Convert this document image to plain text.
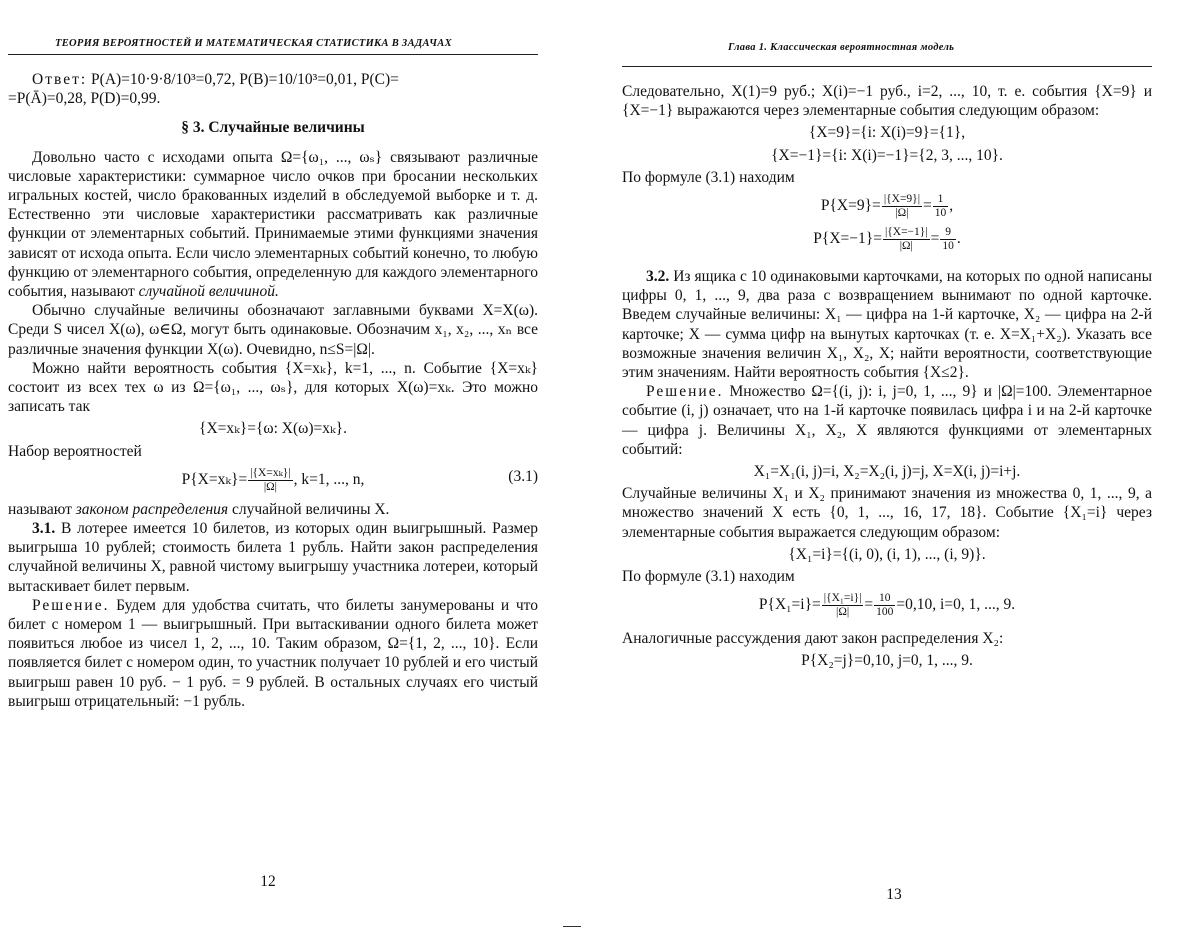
ТЕОРИЯ ВЕРОЯТНОСТЕЙ И МАТЕМАТИЧЕСКАЯ СТАТИСТИКА В ЗАДАЧАХ

Ответ: P(A)=10·9·8/10³=0,72, P(B)=10/10³=0,01, P(C)=

=P(Ā)=0,28, P(D)=0,99.

§ 3. Случайные величины

Довольно часто с исходами опыта Ω={ω₁, ..., ωₛ} связывают различные числовые характеристики: суммарное число очков при бросании нескольких игральных костей, число бракованных изделий в обследуемой выборке и т. д. Естественно эти числовые характеристики рассматривать как различные функции от элементарных событий. Принимаемые этими функциями значения зависят от исхода опыта. Если число элементарных событий конечно, то любую функцию от элементарного события, определенную для каждого элементарного события, называют случайной величиной.

Обычно случайные величины обозначают заглавными буквами X=X(ω). Среди S чисел X(ω), ω∈Ω, могут быть одинаковые. Обозначим x₁, x₂, ..., xₙ все различные значения функции X(ω). Очевидно, n≤S=|Ω|.

Можно найти вероятность события {X=xₖ}, k=1, ..., n. Событие {X=xₖ} состоит из всех тех ω из Ω={ω₁, ..., ωₛ}, для которых X(ω)=xₖ. Это можно записать так

{X=xₖ}={ω: X(ω)=xₖ}.

Набор вероятностей

$P\{X=x_k\}= \frac{\text{|\{X=xₖ\}|}}{|\Omega|}$ , k=1, ..., n,	(3.1)

называют законом распределения случайной величины X.

3.1. В лотерее имеется 10 билетов, из которых один выигрышный. Размер выигрыша 10 рублей; стоимость билета 1 рубль. Найти закон распределения случайной величины X, равной чистому выигрышу участника лотереи, который вытаскивает билет первым.

Решение. Будем для удобства считать, что билеты занумерованы и что билет с номером 1 — выигрышный. При вытаскивании одного билета может появиться любое из чисел 1, 2, ..., 10. Таким образом, Ω={1, 2, ..., 10}. Если появляется билет с номером один, то участник получает 10 рублей и его чистый выигрыш равен 10 руб. − 1 руб. = 9 рублей. В остальных случаях его чистый выигрыш отрицательный: −1 рубль.

12
Глава 1. Классическая вероятностная модель

Следовательно, X(1)=9 руб.; X(i)=−1 руб., i=2, ..., 10, т. е. события {X=9} и {X=−1} выражаются через элементарные события следующим образом:

{X=9}={i: X(i)=9}={1},
{X=−1}={i: X(i)=−1}={2, 3, ..., 10}.

По формуле (3.1) находим

$P\{X=9\}= \frac{|\{X=9\}|}{|\Omega|} = \frac{1}{10}$ ,
$P\{X=-1\}= \frac{|\{X=-1\}|}{|\Omega|} = \frac{9}{10}$ .

3.2. Из ящика с 10 одинаковыми карточками, на которых по одной написаны цифры 0, 1, ..., 9, два раза с возвращением вынимают по одной карточке. Введем случайные величины: X₁ — цифра на 1-й карточке, X₂ — цифра на 2-й карточке; X — сумма цифр на вынутых карточках (т. е. X=X₁+X₂). Указать все возможные значения величин X₁, X₂, X; найти вероятности, соответствующие этим значениям. Найти вероятность события {X≤2}.

Решение. Множество Ω={(i, j): i, j=0, 1, ..., 9} и |Ω|=100. Элементарное событие (i, j) означает, что на 1-й карточке появилась цифра i и на 2-й карточке — цифра j. Величины X₁, X₂, X являются функциями от элементарных событий:

X₁=X₁(i, j)=i, X₂=X₂(i, j)=j, X=X(i, j)=i+j.

Случайные величины X₁ и X₂ принимают значения из множества 0, 1, ..., 9, а множество значений X есть {0, 1, ..., 16, 17, 18}. Событие {X₁=i} через элементарные события выражается следующим образом:

{X₁=i}={(i, 0), (i, 1), ..., (i, 9)}.

По формуле (3.1) находим

$P\{X_1=i\}= \frac{\text{|\{X₁=i\}|}}{|\Omega|} = \frac{10}{100} =0,10$, i=0, 1, ..., 9.

Аналогичные рассуждения дают закон распределения X₂:

P{X₂=j}=0,10, j=0, 1, ..., 9.
13
